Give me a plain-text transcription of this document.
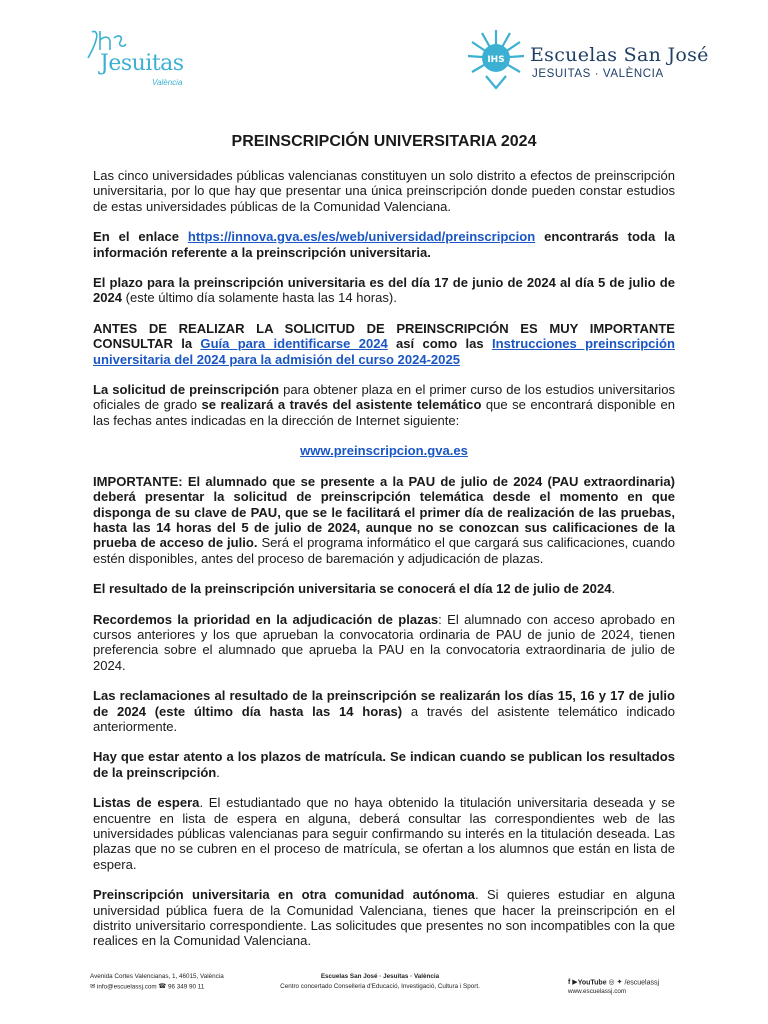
Jesuitas
València
IHS Escuelas San José
JESUITAS · VALÈNCIA
PREINSCRIPCIÓN UNIVERSITARIA 2024

Las cinco universidades públicas valencianas constituyen un solo distrito a efectos de preinscripción universitaria, por lo que hay que presentar una única preinscripción donde pueden constar estudios de estas universidades públicas de la Comunidad Valenciana.

En el enlace https://innova.gva.es/es/web/universidad/preinscripcion encontrarás toda la información referente a la preinscripción universitaria.

El plazo para la preinscripción universitaria es del día 17 de junio de 2024 al día 5 de julio de 2024 (este último día solamente hasta las 14 horas).

ANTES DE REALIZAR LA SOLICITUD DE PREINSCRIPCIÓN ES MUY IMPORTANTE CONSULTAR la Guía para identificarse 2024 así como las Instrucciones preinscripción universitaria del 2024 para la admisión del curso 2024-2025

La solicitud de preinscripción para obtener plaza en el primer curso de los estudios universitarios oficiales de grado se realizará a través del asistente telemático que se encontrará disponible en las fechas antes indicadas en la dirección de Internet siguiente:

www.preinscripcion.gva.es

IMPORTANTE: El alumnado que se presente a la PAU de julio de 2024 (PAU extraordinaria) deberá presentar la solicitud de preinscripción telemática desde el momento en que disponga de su clave de PAU, que se le facilitará el primer día de realización de las pruebas, hasta las 14 horas del 5 de julio de 2024, aunque no se conozcan sus calificaciones de la prueba de acceso de julio. Será el programa informático el que cargará sus calificaciones, cuando estén disponibles, antes del proceso de baremación y adjudicación de plazas.

El resultado de la preinscripción universitaria se conocerá el día 12 de julio de 2024.

Recordemos la prioridad en la adjudicación de plazas: El alumnado con acceso aprobado en cursos anteriores y los que aprueban la convocatoria ordinaria de PAU de junio de 2024, tienen preferencia sobre el alumnado que aprueba la PAU en la convocatoria extraordinaria de julio de 2024.

Las reclamaciones al resultado de la preinscripción se realizarán los días 15, 16 y 17 de julio de 2024 (este último día hasta las 14 horas) a través del asistente telemático indicado anteriormente.

Hay que estar atento a los plazos de matrícula. Se indican cuando se publican los resultados de la preinscripción.

Listas de espera. El estudiantado que no haya obtenido la titulación universitaria deseada y se encuentre en lista de espera en alguna, deberá consultar las correspondientes web de las universidades públicas valencianas para seguir confirmando su interés en la titulación deseada. Las plazas que no se cubren en el proceso de matrícula, se ofertan a los alumnos que están en lista de espera.

Preinscripción universitaria en otra comunidad autónoma. Si quieres estudiar en alguna universidad pública fuera de la Comunidad Valenciana, tienes que hacer la preinscripción en el distrito universitario correspondiente. Las solicitudes que presentes no son incompatibles con la que realices en la Comunidad Valenciana.

Avenida Cortes Valencianas, 1, 46015, València
✉ info@escuelassj.com ☎ 96 349 90 11
Escuelas San José · Jesuitas · València
Centro concertado Conselleria d'Educació, Investigació, Cultura i Sport.
f ▶YouTube ◎ ✦ /escuelassj
www.escuelassj.com
